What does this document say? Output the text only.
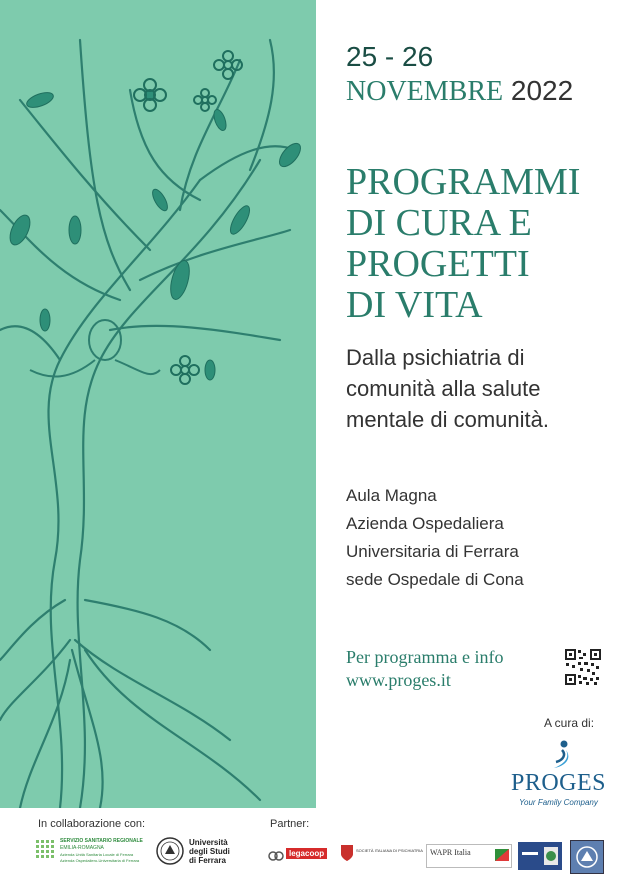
25 - 26
NOVEMBRE 2022
PROGRAMMI
DI CURA E
PROGETTI
DI VITA
Dalla psichiatria di
comunità alla salute
mentale di comunità.
Aula Magna
Azienda Ospedaliera
Universitaria di Ferrara
sede Ospedale di Cona
Per programma e info
www.proges.it
A cura di:
PROGES
Your Family Company
In collaborazione con:	Partner:
SERVIZIO SANITARIO REGIONALE
EMILIA-ROMAGNA
Azienda Unità Sanitaria Locale di Ferrara
Azienda Ospedaliero-Universitaria di Ferrara
Università
degli Studi
di Ferrara
legacoop	SOCIETÀ ITALIANA DI PSICHIATRIA WAPR Italia
